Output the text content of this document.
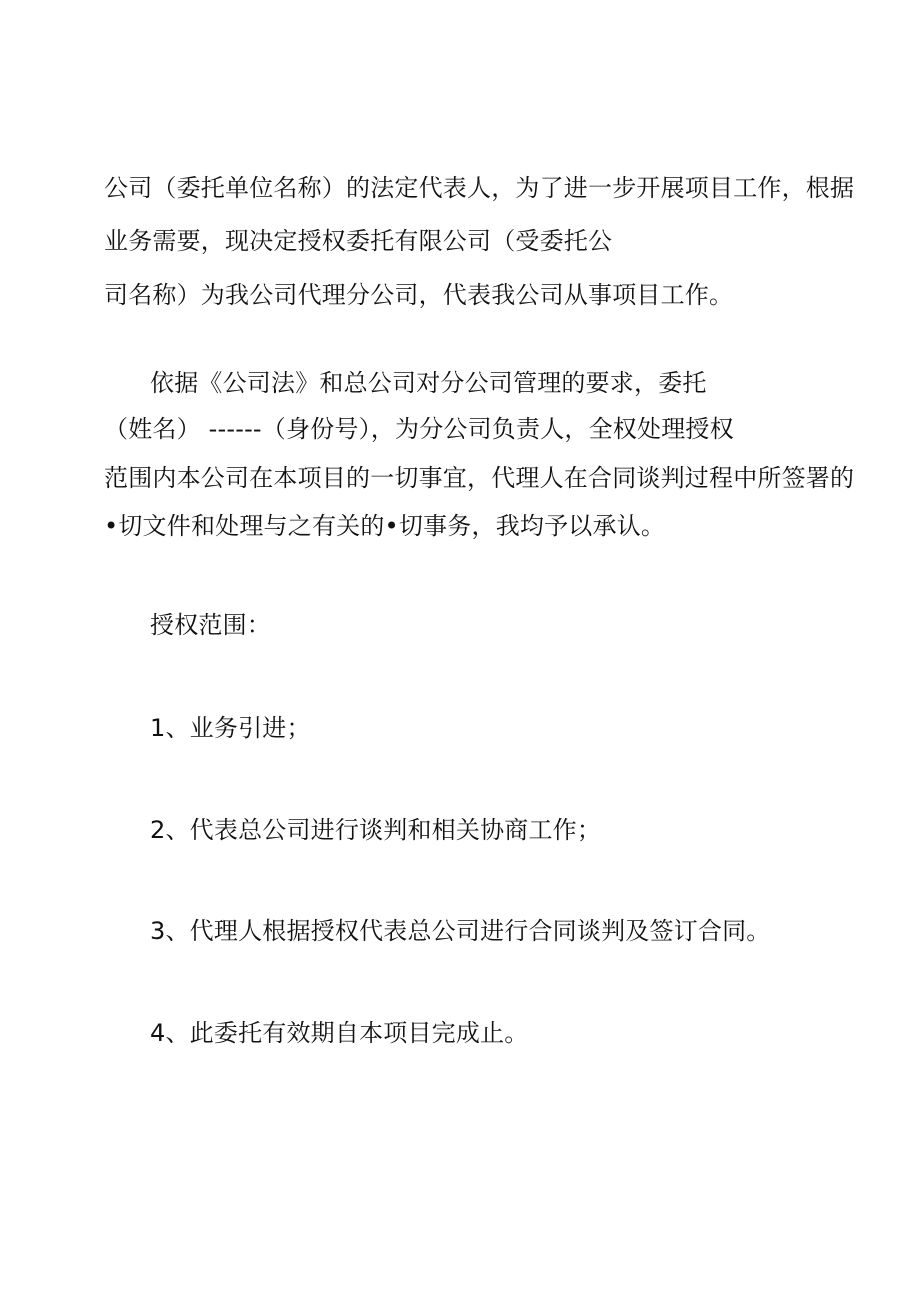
公司（委托单位名称）的法定代表人，为了进一步开展项目工作，根据
业务需要，现决定授权委托有限公司（受委托公
司名称）为我公司代理分公司，代表我公司从事项目工作。
依据《公司法》和总公司对分公司管理的要求，委托
（姓名） ------（身份号），为分公司负责人，全权处理授权
范围内本公司在本项目的一切事宜，代理人在合同谈判过程中所签署的
•切文件和处理与之有关的•切事务，我均予以承认。
授权范围：
1、业务引进；
2、代表总公司进行谈判和相关协商工作；
3、代理人根据授权代表总公司进行合同谈判及签订合同。
4、此委托有效期自本项目完成止。
